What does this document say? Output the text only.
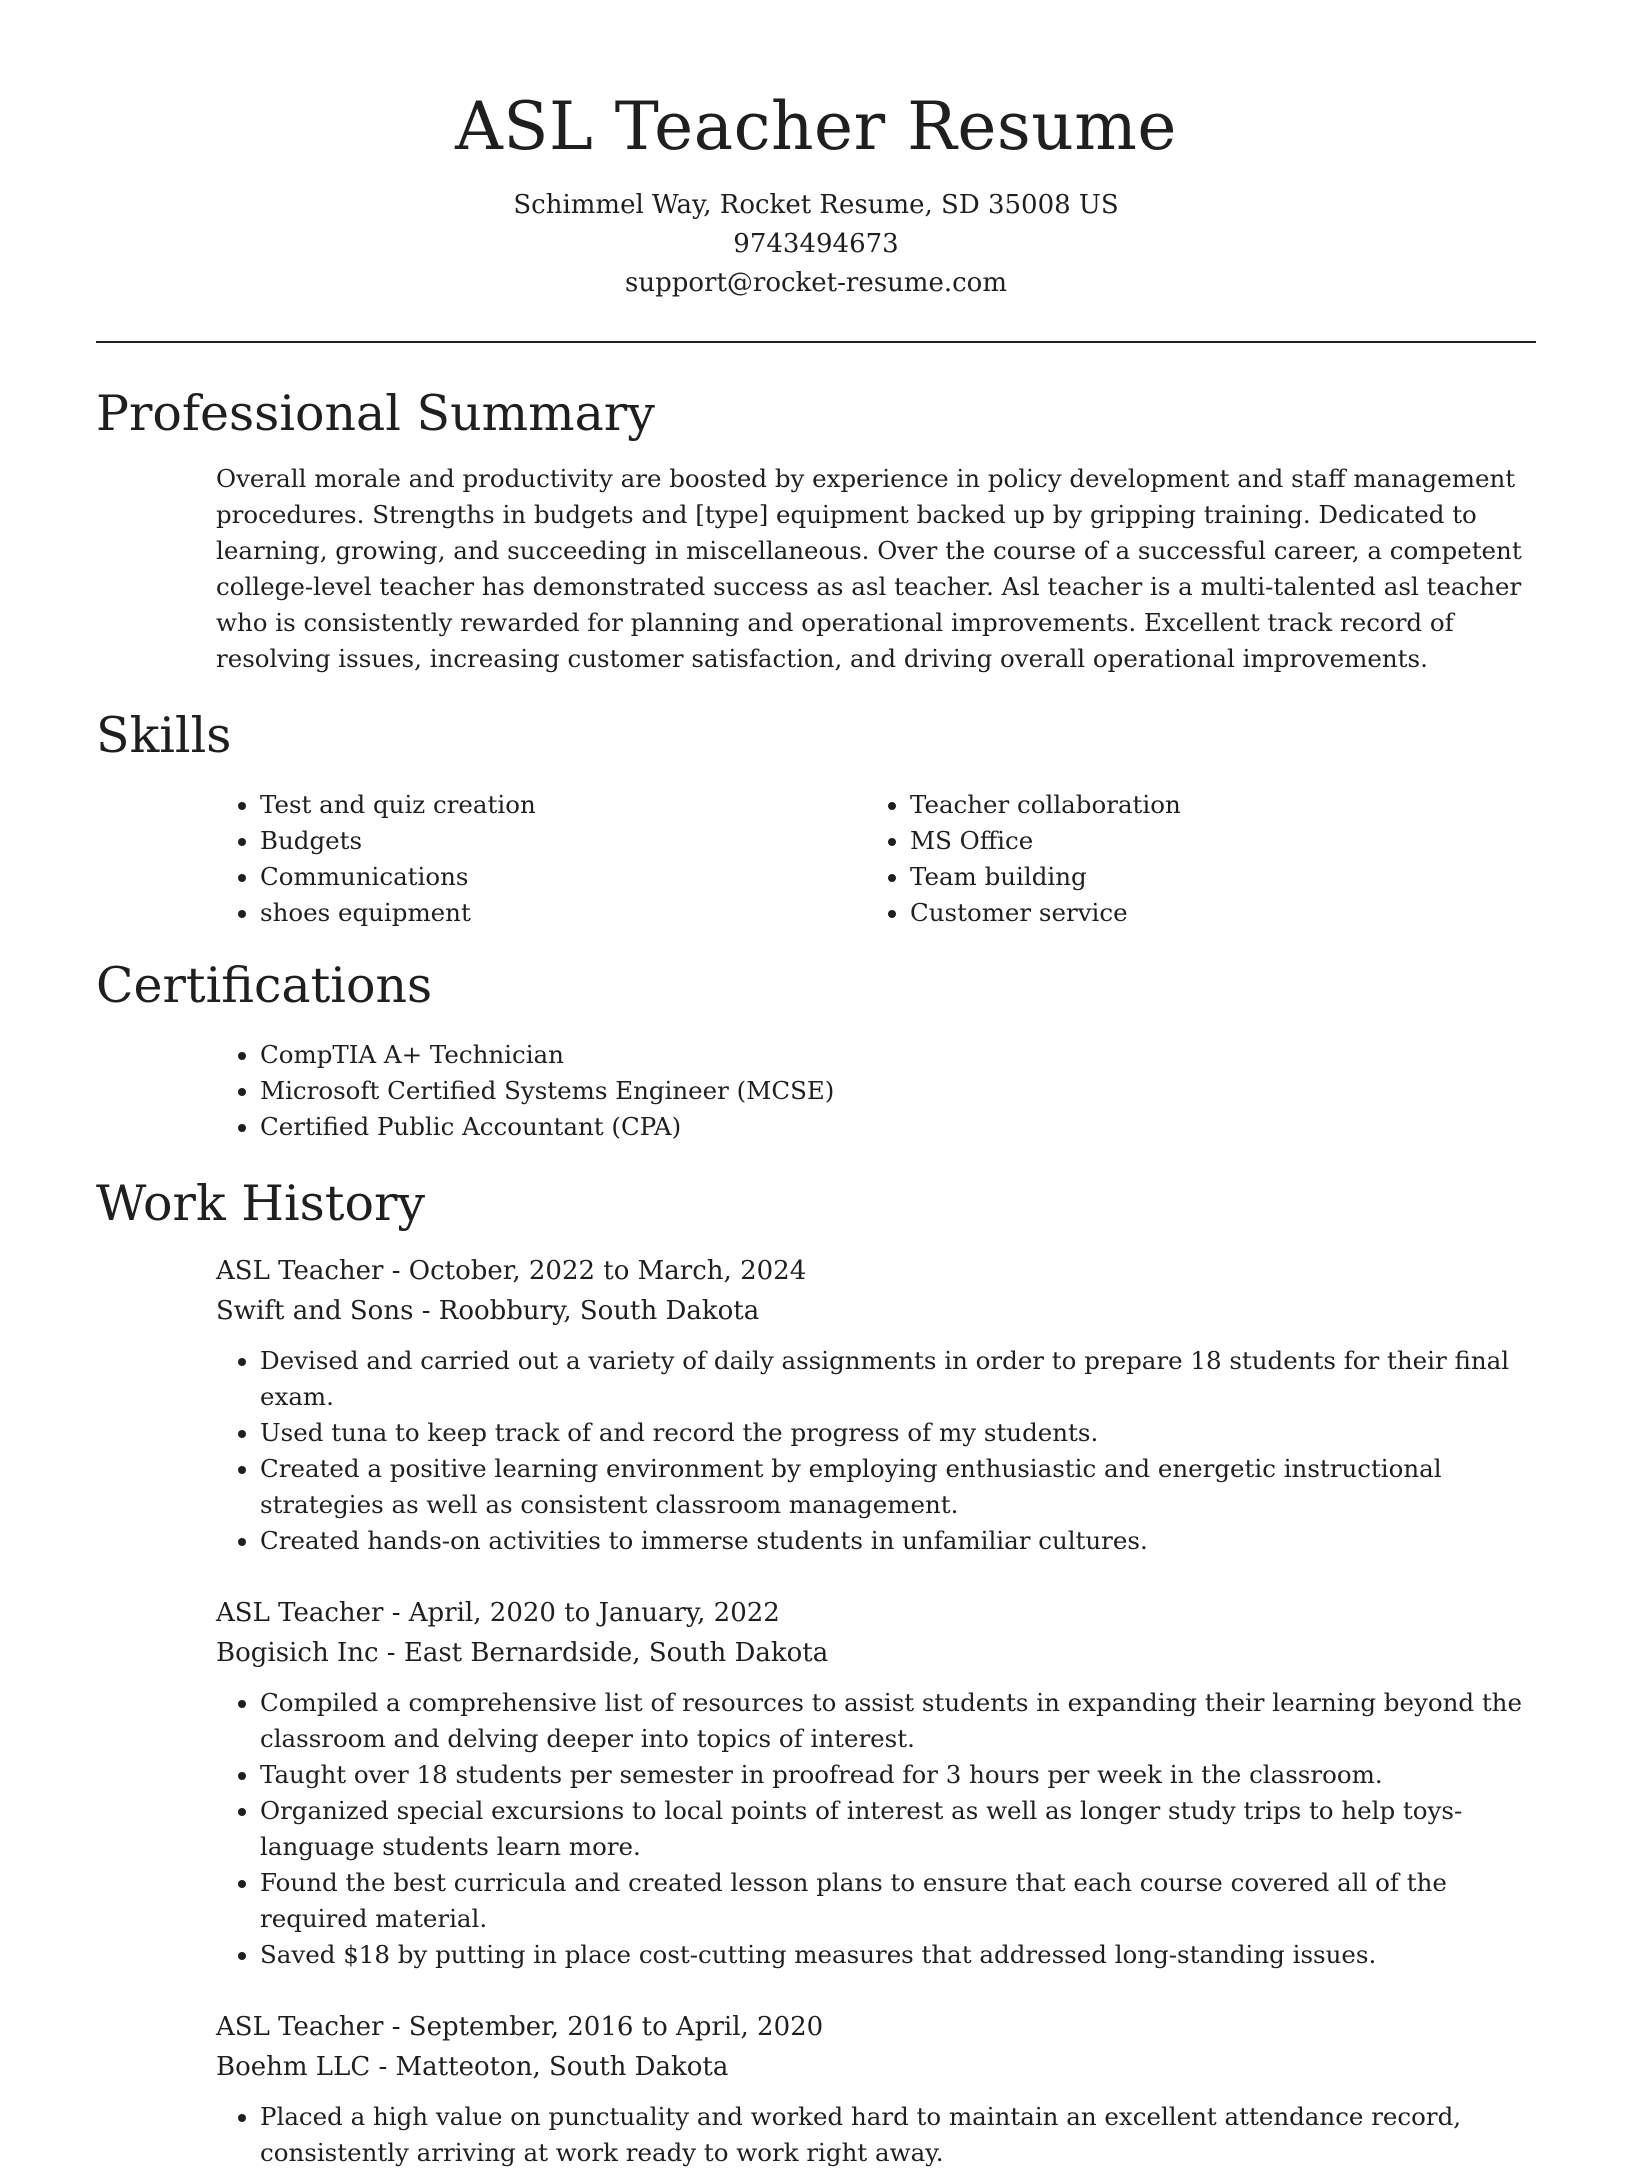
ASL Teacher Resume
Schimmel Way, Rocket Resume, SD 35008 US
9743494673
support@rocket-resume.com
Professional Summary
Overall morale and productivity are boosted by experience in policy development and staff management procedures. Strengths in budgets and [type] equipment backed up by gripping training. Dedicated to learning, growing, and succeeding in miscellaneous. Over the course of a successful career, a competent college-level teacher has demonstrated success as asl teacher. Asl teacher is a multi-talented asl teacher who is consistently rewarded for planning and operational improvements. Excellent track record of resolving issues, increasing customer satisfaction, and driving overall operational improvements.
Skills
• Test and quiz creation
• Budgets
• Communications
• shoes equipment
• Teacher collaboration
• MS Office
• Team building
• Customer service
Certifications
• CompTIA A+ Technician
• Microsoft Certified Systems Engineer (MCSE)
• Certified Public Accountant (CPA)
Work History
ASL Teacher - October, 2022 to March, 2024
Swift and Sons - Roobbury, South Dakota
• Devised and carried out a variety of daily assignments in order to prepare 18 students for their final exam.
• Used tuna to keep track of and record the progress of my students.
• Created a positive learning environment by employing enthusiastic and energetic instructional strategies as well as consistent classroom management.
• Created hands-on activities to immerse students in unfamiliar cultures.
ASL Teacher - April, 2020 to January, 2022
Bogisich Inc - East Bernardside, South Dakota
• Compiled a comprehensive list of resources to assist students in expanding their learning beyond the classroom and delving deeper into topics of interest.
• Taught over 18 students per semester in proofread for 3 hours per week in the classroom.
• Organized special excursions to local points of interest as well as longer study trips to help toys-language students learn more.
• Found the best curricula and created lesson plans to ensure that each course covered all of the required material.
• Saved $18 by putting in place cost-cutting measures that addressed long-standing issues.
ASL Teacher - September, 2016 to April, 2020
Boehm LLC - Matteoton, South Dakota
• Placed a high value on punctuality and worked hard to maintain an excellent attendance record, consistently arriving at work ready to work right away.
